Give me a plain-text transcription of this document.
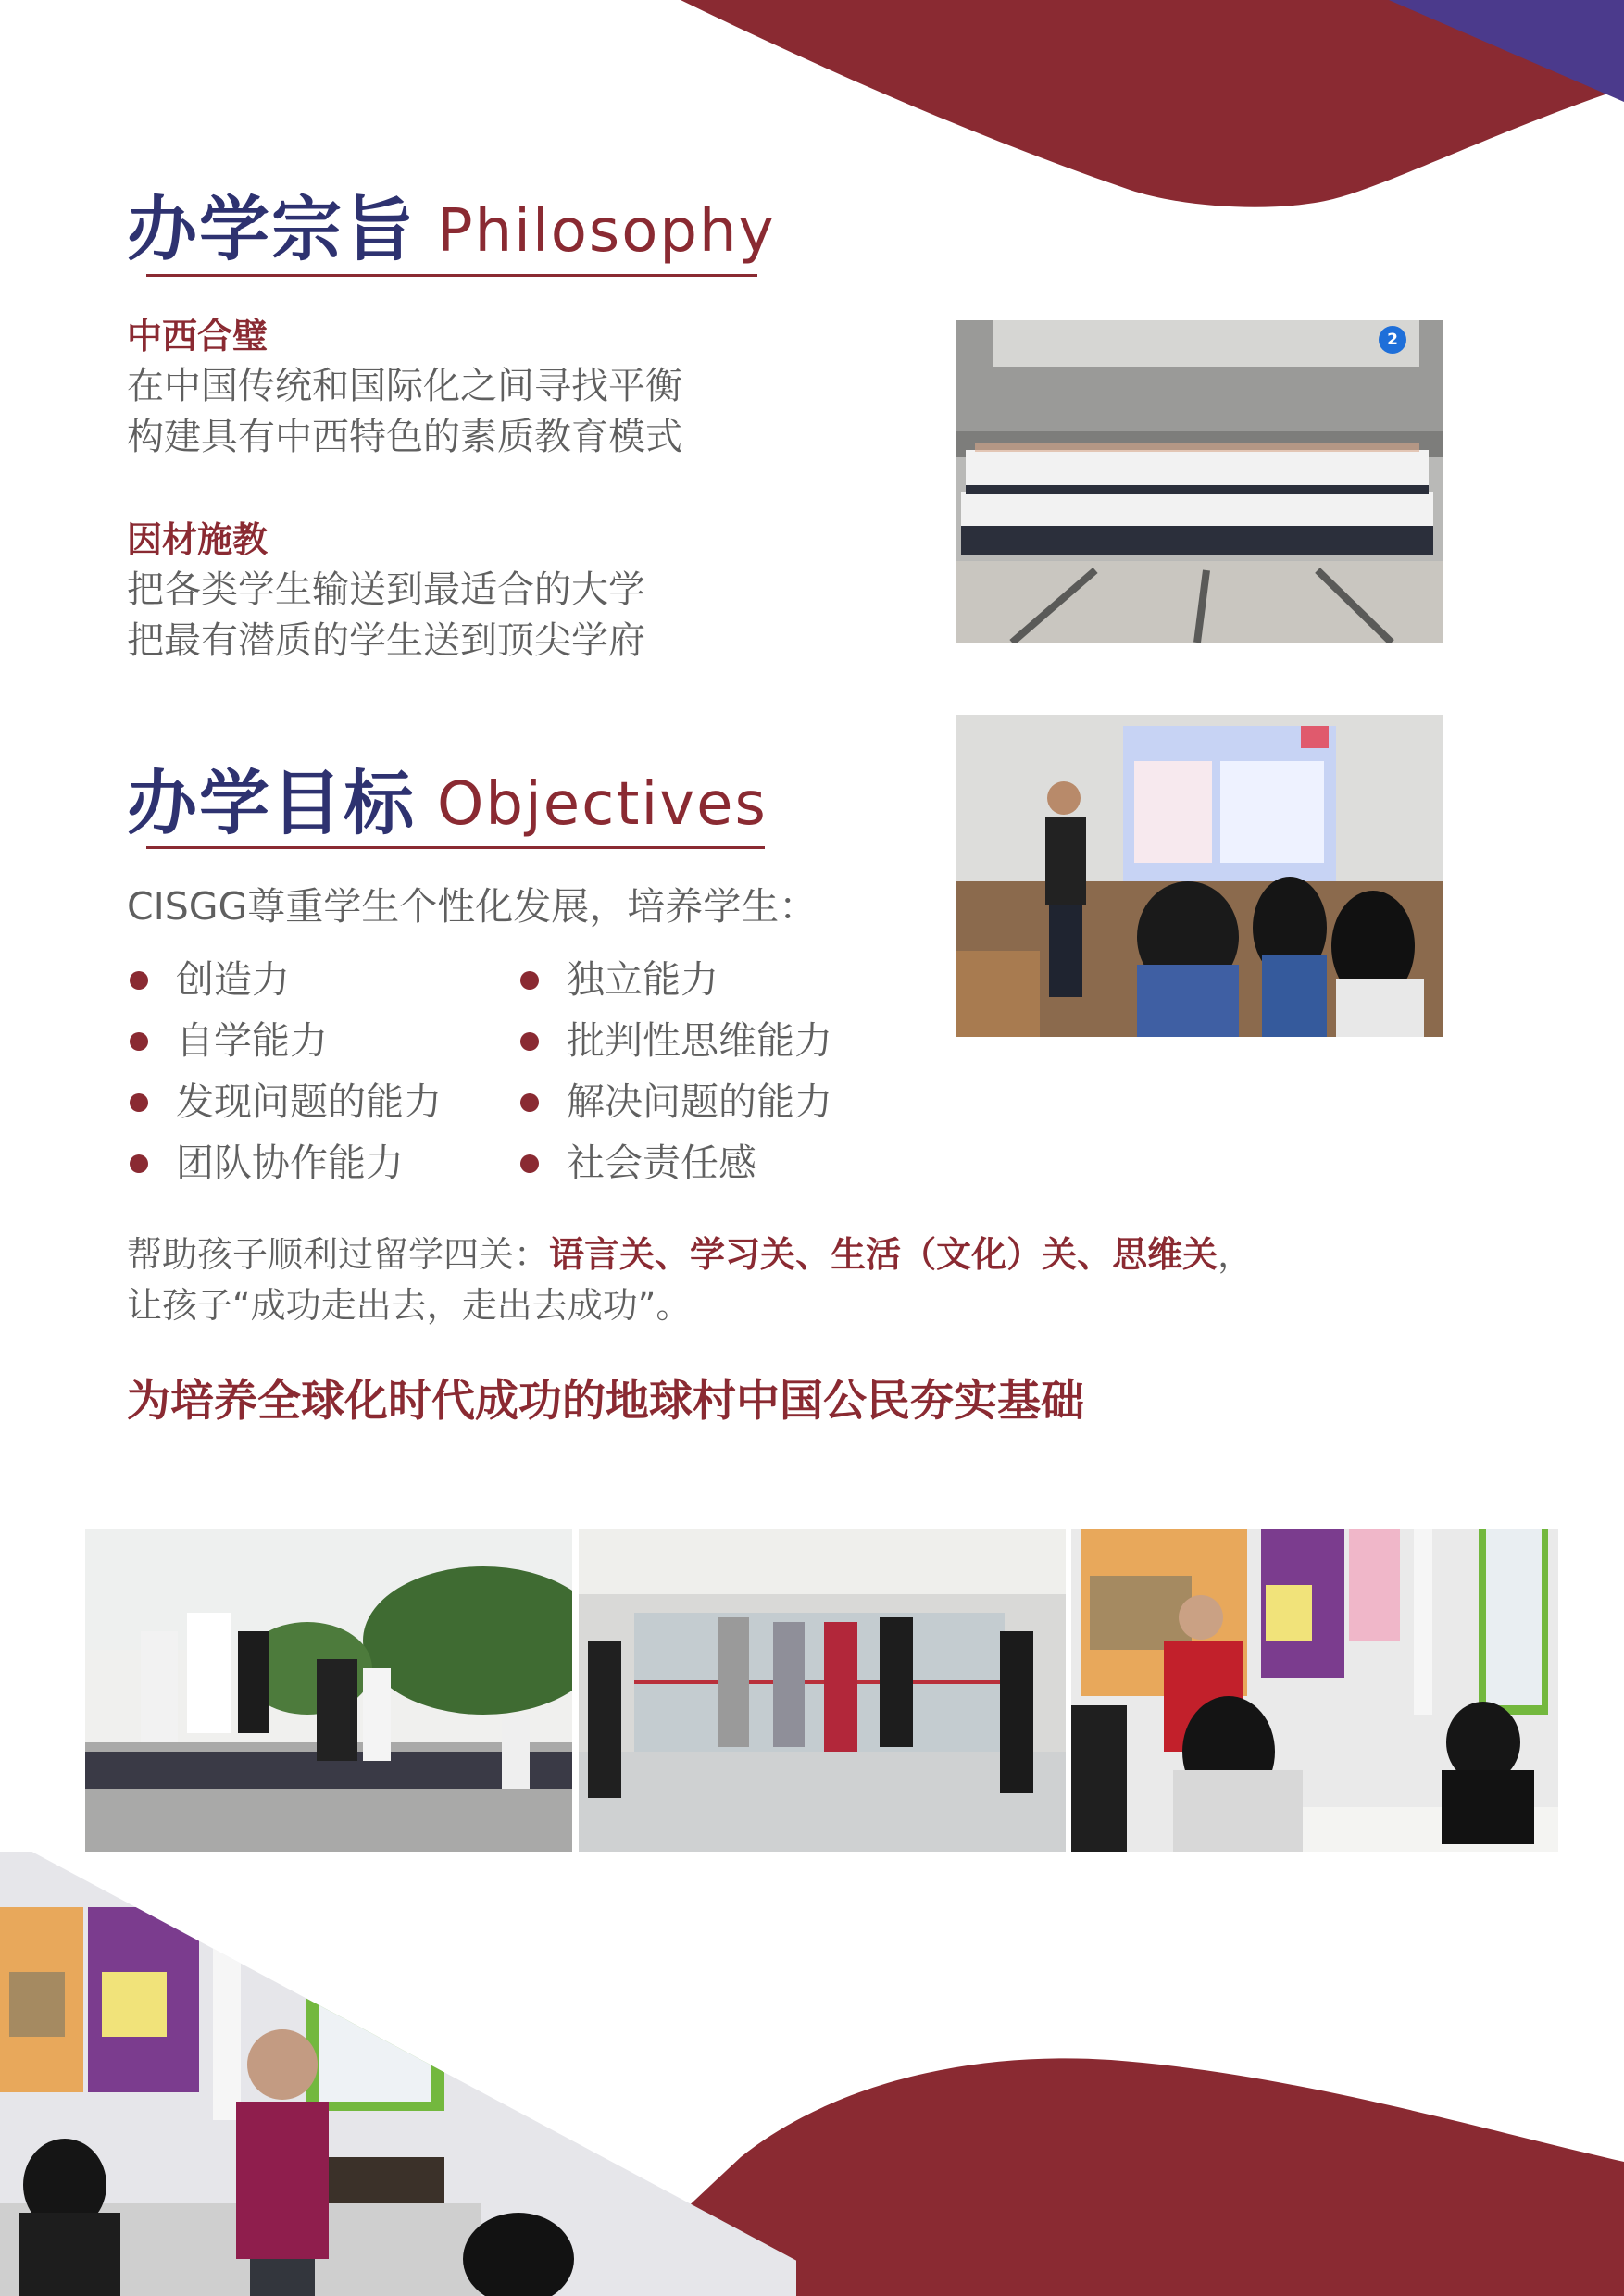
办学宗旨 Philosophy
中西合璧
在中国传统和国际化之间寻找平衡
构建具有中西特色的素质教育模式
因材施教
把各类学生输送到最适合的大学
把最有潜质的学生送到顶尖学府
2
办学目标 Objectives
CISGG尊重学生个性化发展，培养学生：
创造力	独立能力
自学能力	批判性思维能力
发现问题的能力	解决问题的能力
团队协作能力	社会责任感
帮助孩子顺利过留学四关：语言关、学习关、生活（文化）关、思维关，
让孩子“成功走出去，走出去成功”。
为培养全球化时代成功的地球村中国公民夯实基础
